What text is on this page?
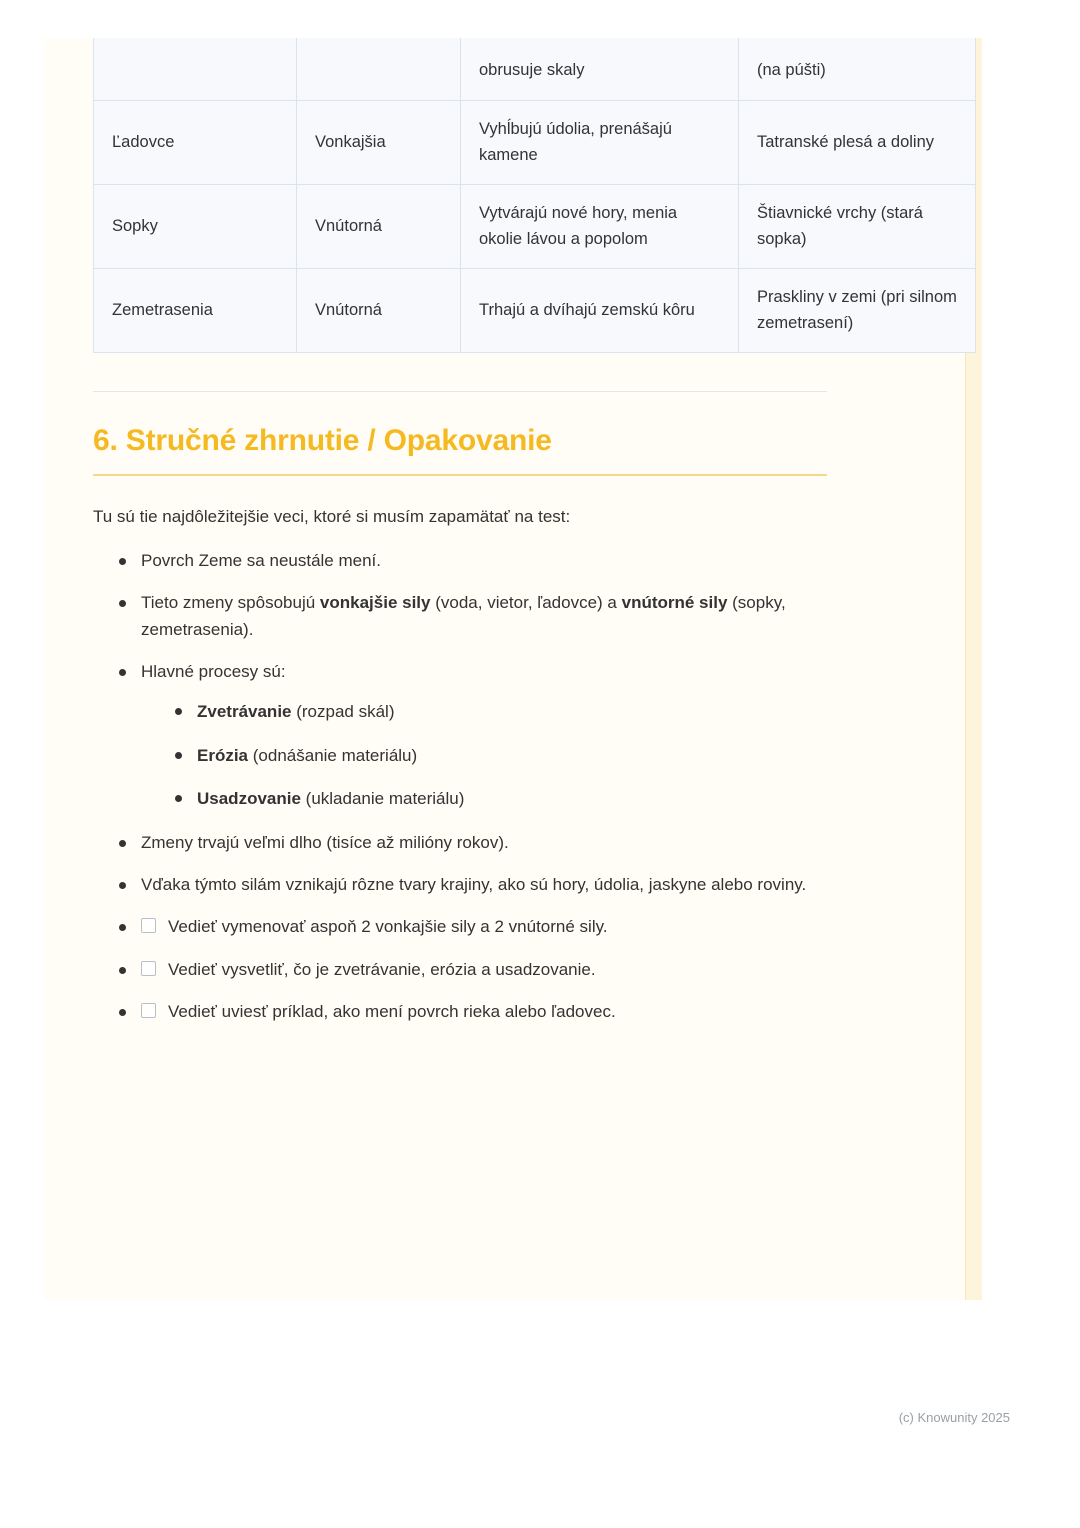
		obrusuje skaly	(na púšti)
Ľadovce	Vonkajšia	Vyhĺbujú údolia, prenášajú kamene	Tatranské plesá a doliny
Sopky	Vnútorná	Vytvárajú nové hory, menia okolie lávou a popolom	Štiavnické vrchy (stará sopka)
Zemetrasenia	Vnútorná	Trhajú a dvíhajú zemskú kôru	Praskliny v zemi (pri silnom zemetrasení)
6. Stručné zhrnutie / Opakovanie

Tu sú tie najdôležitejšie veci, ktoré si musím zapamätať na test:

Povrch Zeme sa neustále mení.
Tieto zmeny spôsobujú vonkajšie sily (voda, vietor, ľadovce) a vnútorné sily (sopky, zemetrasenia).
Hlavné procesy sú:
Zvetrávanie (rozpad skál)
Erózia (odnášanie materiálu)
Usadzovanie (ukladanie materiálu)
Zmeny trvajú veľmi dlho (tisíce až milióny rokov).
Vďaka týmto silám vznikajú rôzne tvary krajiny, ako sú hory, údolia, jaskyne alebo roviny.
Vedieť vymenovať aspoň 2 vonkajšie sily a 2 vnútorné sily.
Vedieť vysvetliť, čo je zvetrávanie, erózia a usadzovanie.
Vedieť uviesť príklad, ako mení povrch rieka alebo ľadovec.
(c) Knowunity 2025
